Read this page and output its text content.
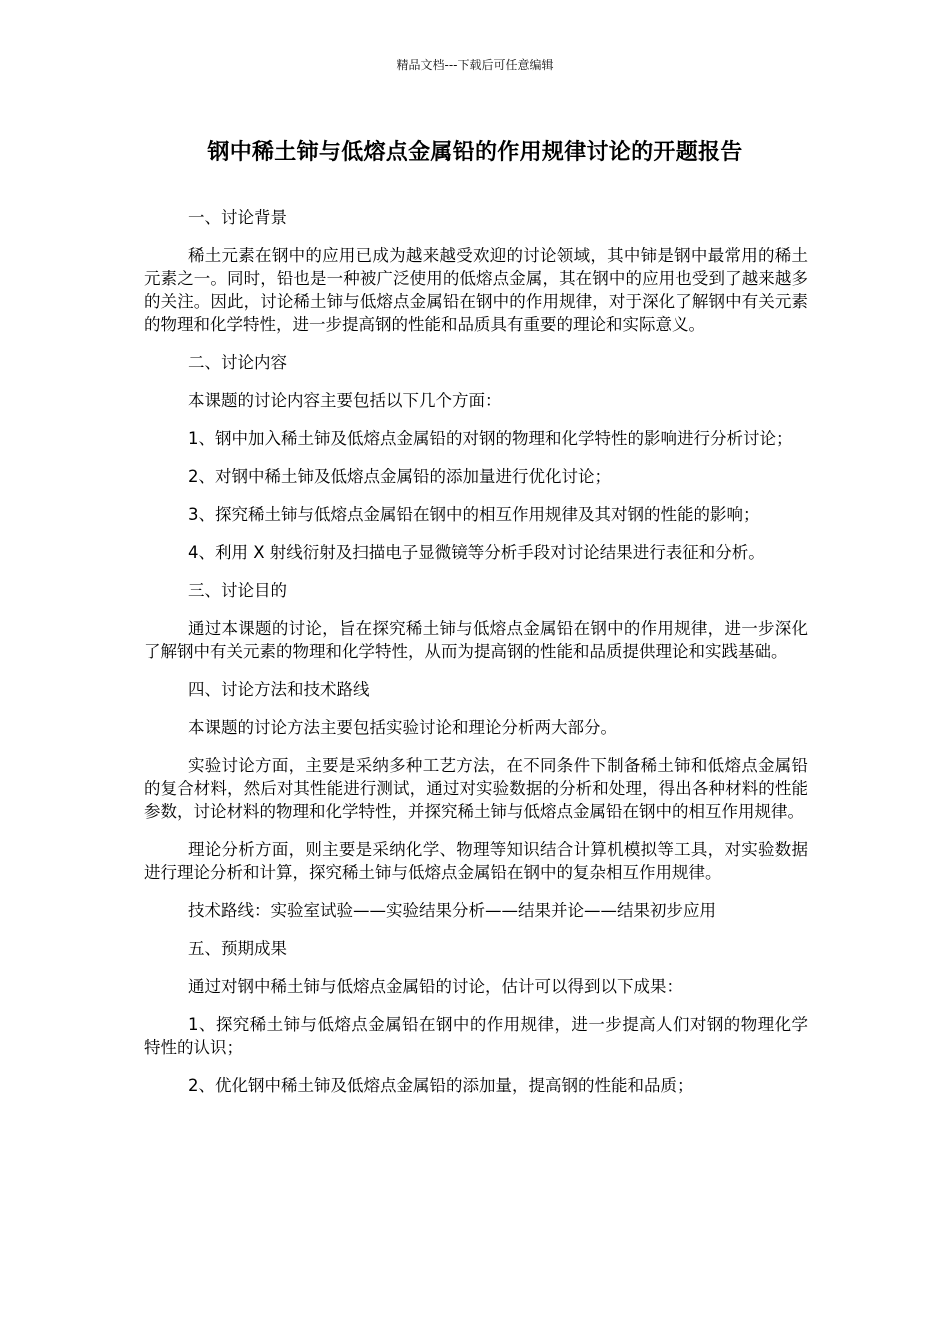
精品文档---下载后可任意编辑
钢中稀土铈与低熔点金属铅的作用规律讨论的开题报告

一、讨论背景

稀土元素在钢中的应用已成为越来越受欢迎的讨论领域，其中铈是钢中最常用的稀土元素之一。同时，铅也是一种被广泛使用的低熔点金属，其在钢中的应用也受到了越来越多的关注。因此，讨论稀土铈与低熔点金属铅在钢中的作用规律，对于深化了解钢中有关元素的物理和化学特性，进一步提高钢的性能和品质具有重要的理论和实际意义。

二、讨论内容

本课题的讨论内容主要包括以下几个方面：

1、钢中加入稀土铈及低熔点金属铅的对钢的物理和化学特性的影响进行分析讨论；

2、对钢中稀土铈及低熔点金属铅的添加量进行优化讨论；

3、探究稀土铈与低熔点金属铅在钢中的相互作用规律及其对钢的性能的影响；

4、利用 X 射线衍射及扫描电子显微镜等分析手段对讨论结果进行表征和分析。

三、讨论目的

通过本课题的讨论，旨在探究稀土铈与低熔点金属铅在钢中的作用规律，进一步深化了解钢中有关元素的物理和化学特性，从而为提高钢的性能和品质提供理论和实践基础。

四、讨论方法和技术路线

本课题的讨论方法主要包括实验讨论和理论分析两大部分。

实验讨论方面，主要是采纳多种工艺方法，在不同条件下制备稀土铈和低熔点金属铅的复合材料，然后对其性能进行测试，通过对实验数据的分析和处理，得出各种材料的性能参数，讨论材料的物理和化学特性，并探究稀土铈与低熔点金属铅在钢中的相互作用规律。

理论分析方面，则主要是采纳化学、物理等知识结合计算机模拟等工具，对实验数据进行理论分析和计算，探究稀土铈与低熔点金属铅在钢中的复杂相互作用规律。

技术路线：实验室试验——实验结果分析——结果并论——结果初步应用

五、预期成果

通过对钢中稀土铈与低熔点金属铅的讨论，估计可以得到以下成果：

1、探究稀土铈与低熔点金属铅在钢中的作用规律，进一步提高人们对钢的物理化学特性的认识；

2、优化钢中稀土铈及低熔点金属铅的添加量，提高钢的性能和品质；
